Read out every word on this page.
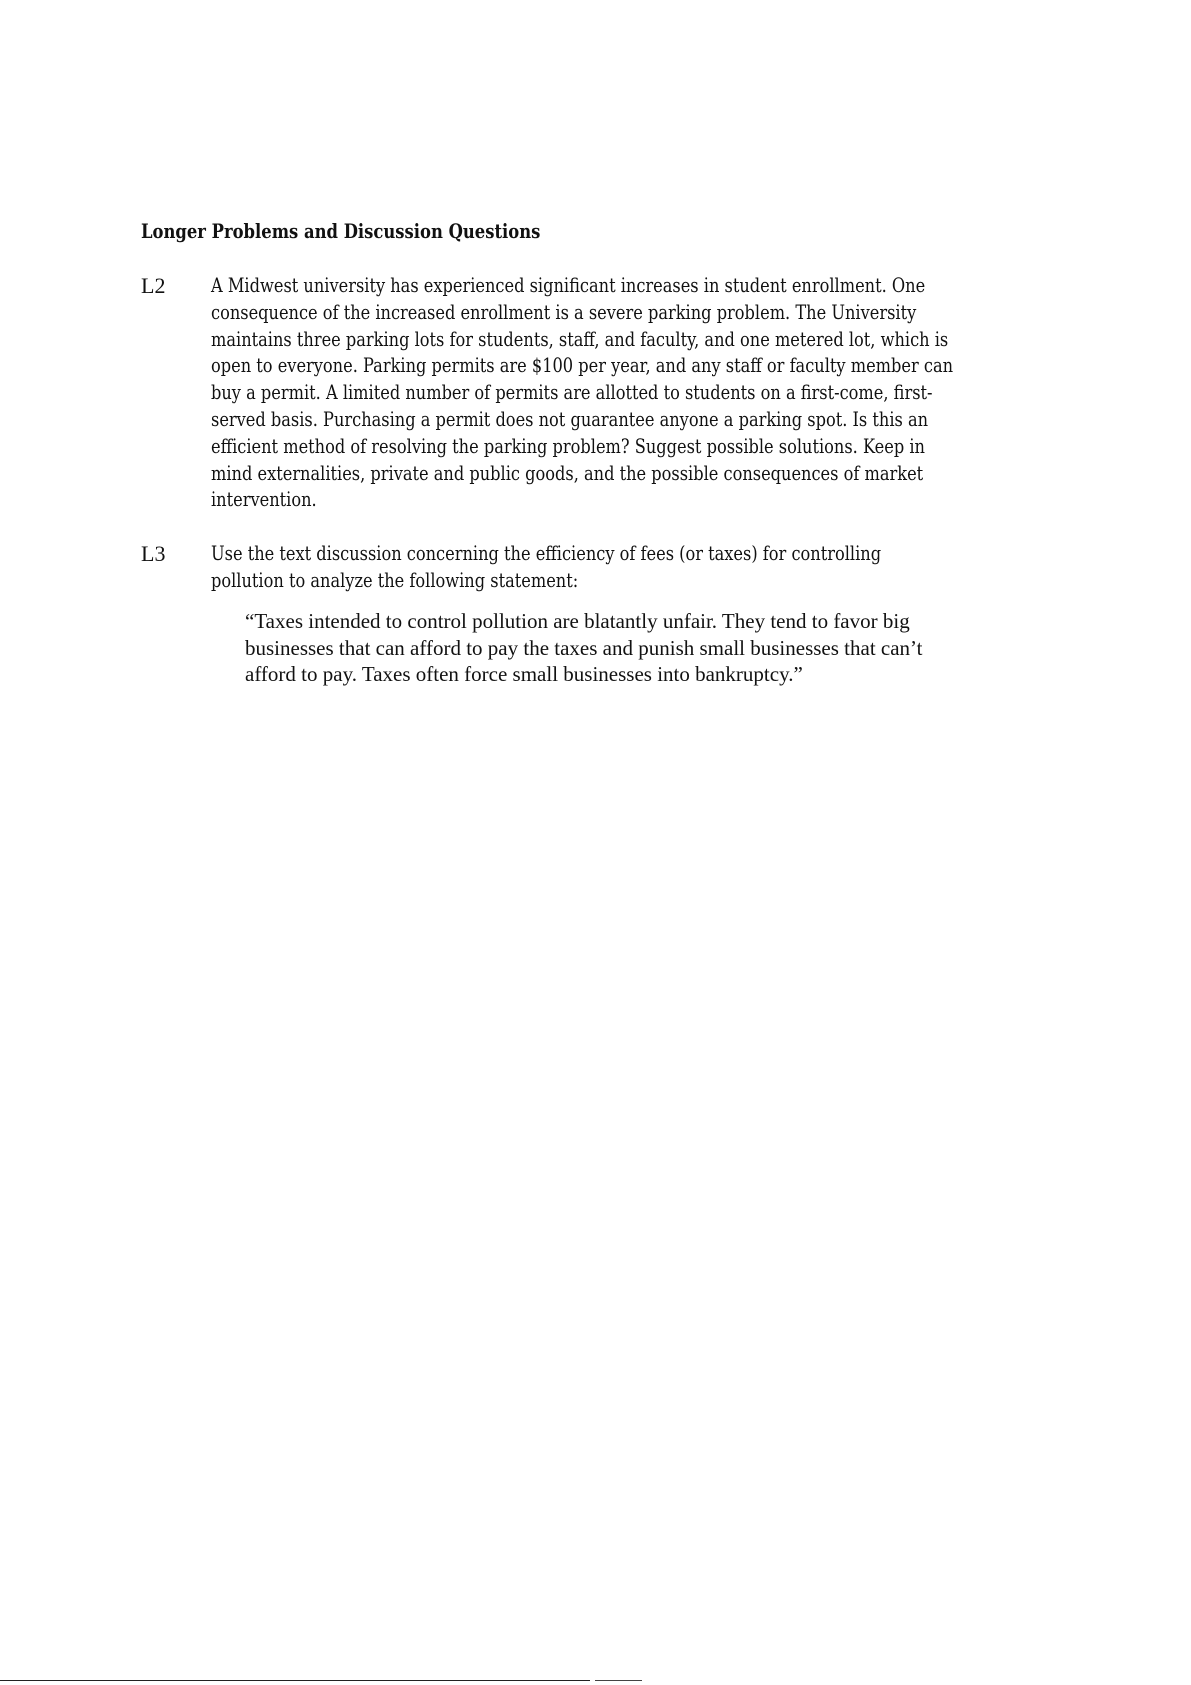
Longer Problems and Discussion Questions
L2 A Midwest university has experienced significant increases in student enrollment. One
consequence of the increased enrollment is a severe parking problem. The University
maintains three parking lots for students, staff, and faculty, and one metered lot, which is
open to everyone. Parking permits are $100 per year, and any staff or faculty member can
buy a permit. A limited number of permits are allotted to students on a first-come, first-
served basis. Purchasing a permit does not guarantee anyone a parking spot. Is this an
efficient method of resolving the parking problem? Suggest possible solutions. Keep in
mind externalities, private and public goods, and the possible consequences of market
intervention.
L3 Use the text discussion concerning the efficiency of fees (or taxes) for controlling
pollution to analyze the following statement:
“Taxes intended to control pollution are blatantly unfair. They tend to favor big
businesses that can afford to pay the taxes and punish small businesses that can’t
afford to pay. Taxes often force small businesses into bankruptcy.”
